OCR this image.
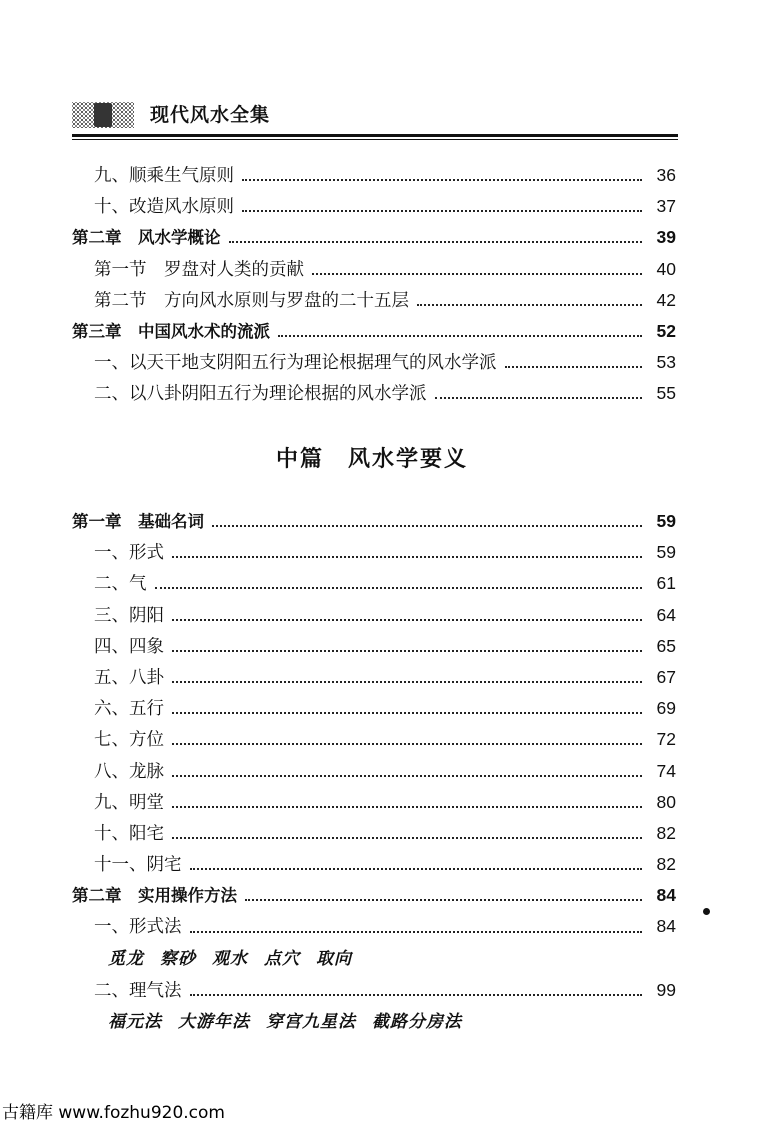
现代风水全集
九、顺乘生气原则	36
十、改造风水原则	37
第二章　风水学概论	39
第一节　罗盘对人类的贡献	40
第二节　方向风水原则与罗盘的二十五层	42
第三章　中国风水术的流派	52
一、以天干地支阴阳五行为理论根据理气的风水学派	53
二、以八卦阴阳五行为理论根据的风水学派	55
中篇　风水学要义
第一章　基础名词	59
一、形式	59
二、气	61
三、阴阳	64
四、四象	65
五、八卦	67
六、五行	69
七、方位	72
八、龙脉	74
九、明堂	80
十、阳宅	82
十一、阴宅	82
第二章　实用操作方法	84
一、形式法	84
觅龙 察砂 观水 点穴 取向
二、理气法	99
福元法 大游年法 穿宫九星法 截路分房法
古籍库 www.fozhu920.com
